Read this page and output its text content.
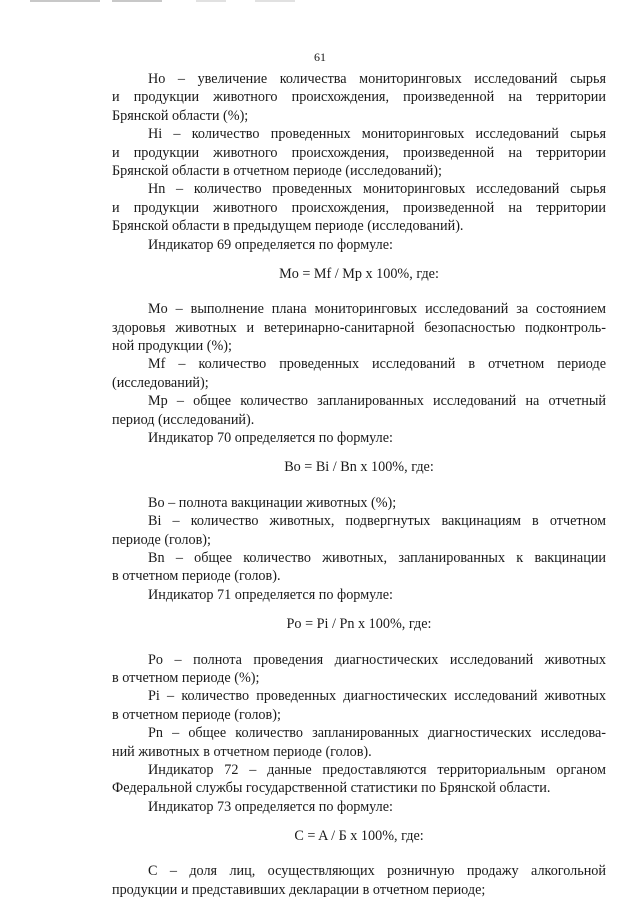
61
Ho – увеличение количества мониторинговых исследований сырья
и продукции животного происхождения, произведенной на территории
Брянской области (%);
Hi – количество проведенных мониторинговых исследований сырья
и продукции животного происхождения, произведенной на территории
Брянской области в отчетном периоде (исследований);
Hn – количество проведенных мониторинговых исследований сырья
и продукции животного происхождения, произведенной на территории
Брянской области в предыдущем периоде (исследований).
Индикатор 69 определяется по формуле:
Mo = Mf / Mp x 100%, где:
Mo – выполнение плана мониторинговых исследований за состоянием
здоровья животных и ветеринарно-санитарной безопасностью подконтроль-
ной продукции (%);
Mf – количество проведенных исследований в отчетном периоде
(исследований);
Mp – общее количество запланированных исследований на отчетный
период (исследований).
Индикатор 70 определяется по формуле:
Bo = Bi / Bn x 100%, где:
Bo – полнота вакцинации животных (%);
Bi – количество животных, подвергнутых вакцинациям в отчетном
периоде (голов);
Bn – общее количество животных, запланированных к вакцинации
в отчетном периоде (голов).
Индикатор 71 определяется по формуле:
Po = Pi / Pn x 100%, где:
Po – полнота проведения диагностических исследований животных
в отчетном периоде (%);
Pi – количество проведенных диагностических исследований животных
в отчетном периоде (голов);
Pn – общее количество запланированных диагностических исследова-
ний животных в отчетном периоде (голов).
Индикатор 72 – данные предоставляются территориальным органом
Федеральной службы государственной статистики по Брянской области.
Индикатор 73 определяется по формуле:
C = A / Б x 100%, где:
C – доля лиц, осуществляющих розничную продажу алкогольной
продукции и представивших декларации в отчетном периоде;
